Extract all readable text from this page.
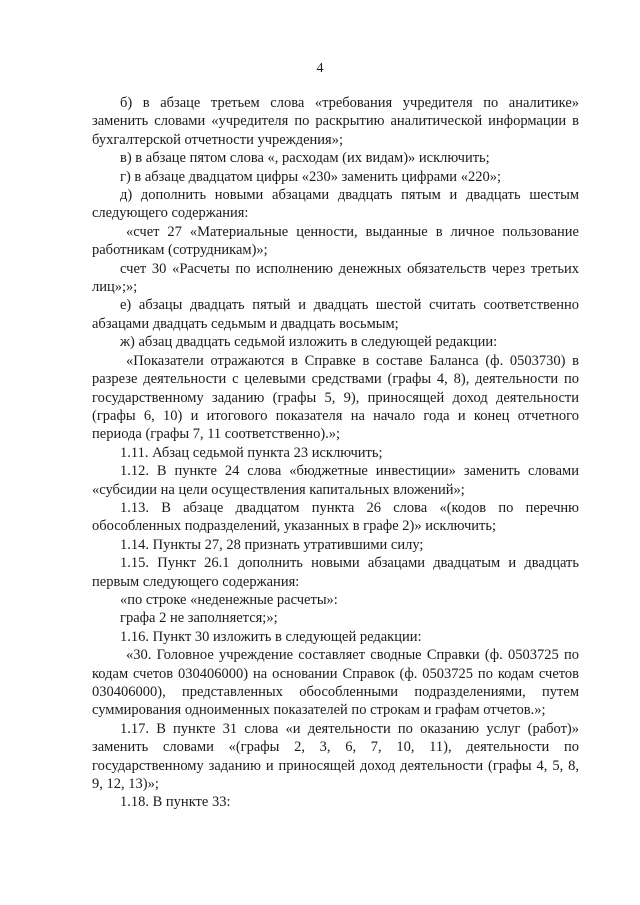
4

б) в абзаце третьем слова «требования учредителя по аналитике» заменить словами «учредителя по раскрытию аналитической информации в бухгалтерской отчетности учреждения»;

в) в абзаце пятом слова «, расходам (их видам)» исключить;

г) в абзаце двадцатом цифры «230» заменить цифрами «220»;

д) дополнить новыми абзацами двадцать пятым и двадцать шестым следующего содержания:

«счет 27 «Материальные ценности, выданные в личное пользование работникам (сотрудникам)»;

счет 30 «Расчеты по исполнению денежных обязательств через третьих лиц»;»;

е) абзацы двадцать пятый и двадцать шестой считать соответственно абзацами двадцать седьмым и двадцать восьмым;

ж) абзац двадцать седьмой изложить в следующей редакции:

«Показатели отражаются в Справке в составе Баланса (ф. 0503730) в разрезе деятельности с целевыми средствами (графы 4, 8), деятельности по государственному заданию (графы 5, 9), приносящей доход деятельности (графы 6, 10) и итогового показателя на начало года и конец отчетного периода (графы 7, 11 соответственно).»;

1.11. Абзац седьмой пункта 23 исключить;

1.12. В пункте 24 слова «бюджетные инвестиции» заменить словами «субсидии на цели осуществления капитальных вложений»;

1.13. В абзаце двадцатом пункта 26 слова «(кодов по перечню обособленных подразделений, указанных в графе 2)» исключить;

1.14. Пункты 27, 28 признать утратившими силу;

1.15. Пункт 26.1 дополнить новыми абзацами двадцатым и двадцать первым следующего содержания:

«по строке «неденежные расчеты»:

графа 2 не заполняется;»;

1.16. Пункт 30 изложить в следующей редакции:

«30. Головное учреждение составляет сводные Справки (ф. 0503725 по кодам счетов 030406000) на основании Справок (ф. 0503725 по кодам счетов 030406000), представленных обособленными подразделениями, путем суммирования одноименных показателей по строкам и графам отчетов.»;

1.17. В пункте 31 слова «и деятельности по оказанию услуг (работ)» заменить словами «(графы 2, 3, 6, 7, 10, 11), деятельности по государственному заданию и приносящей доход деятельности (графы 4, 5, 8, 9, 12, 13)»;

1.18. В пункте 33:
